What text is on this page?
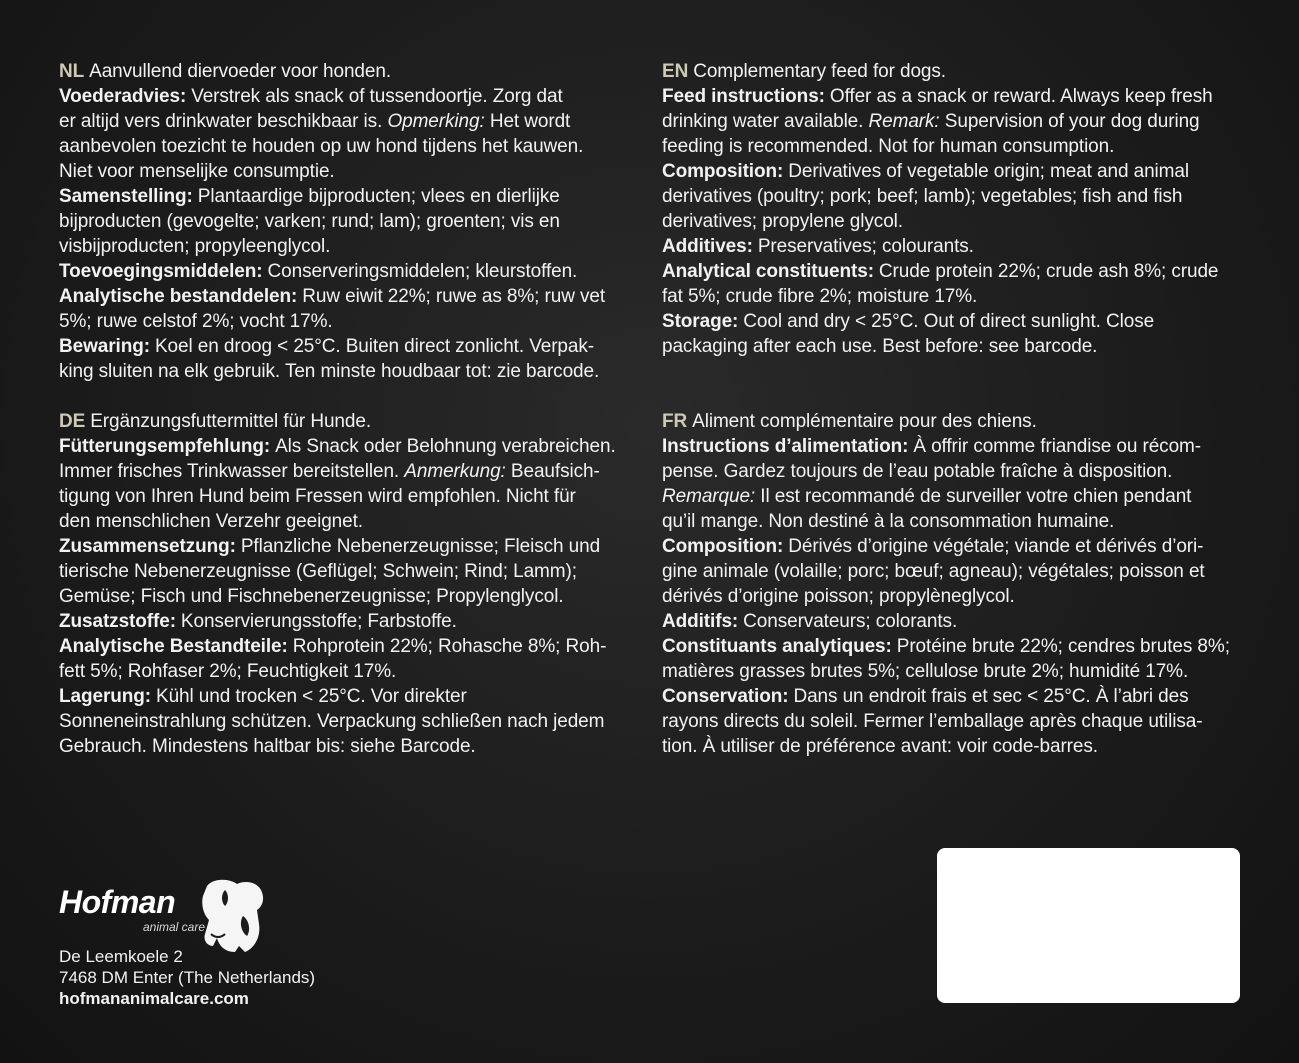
NL Aanvullend diervoeder voor honden.
Voederadvies: Verstrek als snack of tussendoortje. Zorg dat
er altijd vers drinkwater beschikbaar is. Opmerking: Het wordt
aanbevolen toezicht te houden op uw hond tijdens het kauwen.
Niet voor menselijke consumptie.
Samenstelling: Plantaardige bijproducten; vlees en dierlijke
bijproducten (gevogelte; varken; rund; lam); groenten; vis en
visbijproducten; propyleenglycol.
Toevoegingsmiddelen: Conserveringsmiddelen; kleurstoffen.
Analytische bestanddelen: Ruw eiwit 22%; ruwe as 8%; ruw vet
5%; ruwe celstof 2%; vocht 17%.
Bewaring: Koel en droog < 25°C. Buiten direct zonlicht. Verpak-
king sluiten na elk gebruik. Ten minste houdbaar tot: zie barcode.
DE Ergänzungsfuttermittel für Hunde.
Fütterungsempfehlung: Als Snack oder Belohnung verabreichen.
Immer frisches Trinkwasser bereitstellen. Anmerkung: Beaufsich-
tigung von Ihren Hund beim Fressen wird empfohlen. Nicht für
den menschlichen Verzehr geeignet.
Zusammensetzung: Pflanzliche Nebenerzeugnisse; Fleisch und
tierische Nebenerzeugnisse (Geflügel; Schwein; Rind; Lamm);
Gemüse; Fisch und Fischnebenerzeugnisse; Propylenglycol.
Zusatzstoffe: Konservierungsstoffe; Farbstoffe.
Analytische Bestandteile: Rohprotein 22%; Rohasche 8%; Roh-
fett 5%; Rohfaser 2%; Feuchtigkeit 17%.
Lagerung: Kühl und trocken < 25°C. Vor direkter
Sonneneinstrahlung schützen. Verpackung schließen nach jedem
Gebrauch. Mindestens haltbar bis: siehe Barcode.
EN Complementary feed for dogs.
Feed instructions: Offer as a snack or reward. Always keep fresh
drinking water available. Remark: Supervision of your dog during
feeding is recommended. Not for human consumption.
Composition: Derivatives of vegetable origin; meat and animal
derivatives (poultry; pork; beef; lamb); vegetables; fish and fish
derivatives; propylene glycol.
Additives: Preservatives; colourants.
Analytical constituents: Crude protein 22%; crude ash 8%; crude
fat 5%; crude fibre 2%; moisture 17%.
Storage: Cool and dry < 25°C. Out of direct sunlight. Close
packaging after each use. Best before: see barcode.
FR Aliment complémentaire pour des chiens.
Instructions d’alimentation: À offrir comme friandise ou récom-
pense. Gardez toujours de l’eau potable fraîche à disposition.
Remarque: Il est recommandé de surveiller votre chien pendant
qu’il mange. Non destiné à la consommation humaine.
Composition: Dérivés d’origine végétale; viande et dérivés d’ori-
gine animale (volaille; porc; bœuf; agneau); végétales; poisson et
dérivés d’origine poisson; propylèneglycol.
Additifs: Conservateurs; colorants.
Constituants analytiques: Protéine brute 22%; cendres brutes 8%;
matières grasses brutes 5%; cellulose brute 2%; humidité 17%.
Conservation: Dans un endroit frais et sec < 25°C. À l’abri des
rayons directs du soleil. Fermer l’emballage après chaque utilisa-
tion. À utiliser de préférence avant: voir code-barres.
Hofman
animal care
De Leemkoele 2
7468 DM Enter (The Netherlands)
hofmananimalcare.com
